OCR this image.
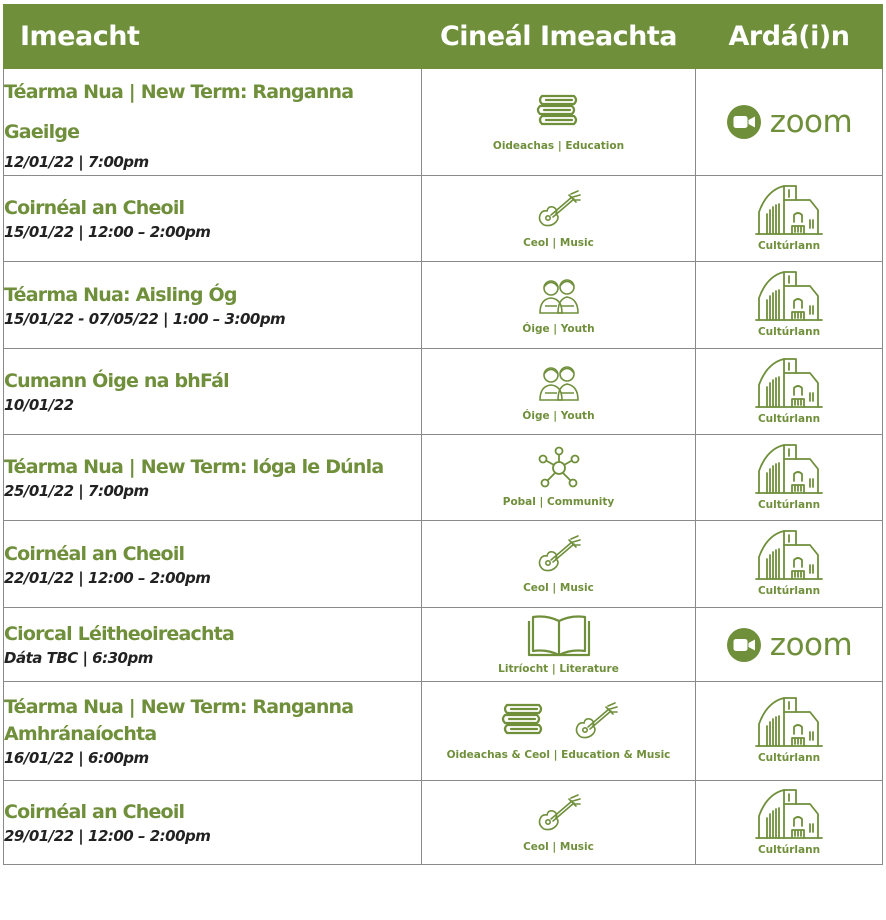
Imeacht	Cineál Imeachta	Ardá(i)n

Téarma Nua | New Term: Ranganna Gaeilge
12/01/22 | 7:00pm	Oideachas | Education	zoom

Coirnéal an Cheoil
15/01/22 | 12:00 – 2:00pm	Ceol | Music	Cultúrlann

Téarma Nua: Aisling Óg
15/01/22 - 07/05/22 | 1:00 – 3:00pm	Óige | Youth	Cultúrlann

Cumann Óige na bhFál
10/01/22	Óige | Youth	Cultúrlann

Téarma Nua | New Term: Ióga le Dúnla
25/01/22 | 7:00pm	Pobal | Community	Cultúrlann

Coirnéal an Cheoil
22/01/22 | 12:00 – 2:00pm	Ceol | Music	Cultúrlann

Ciorcal Léitheoireachta
Dáta TBC | 6:30pm	Litríocht | Literature	zoom

Téarma Nua | New Term: Ranganna Amhránaíochta
16/01/22 | 6:00pm	Oideachas & Ceol | Education & Music	Cultúrlann

Coirnéal an Cheoil
29/01/22 | 12:00 – 2:00pm	Ceol | Music	Cultúrlann
